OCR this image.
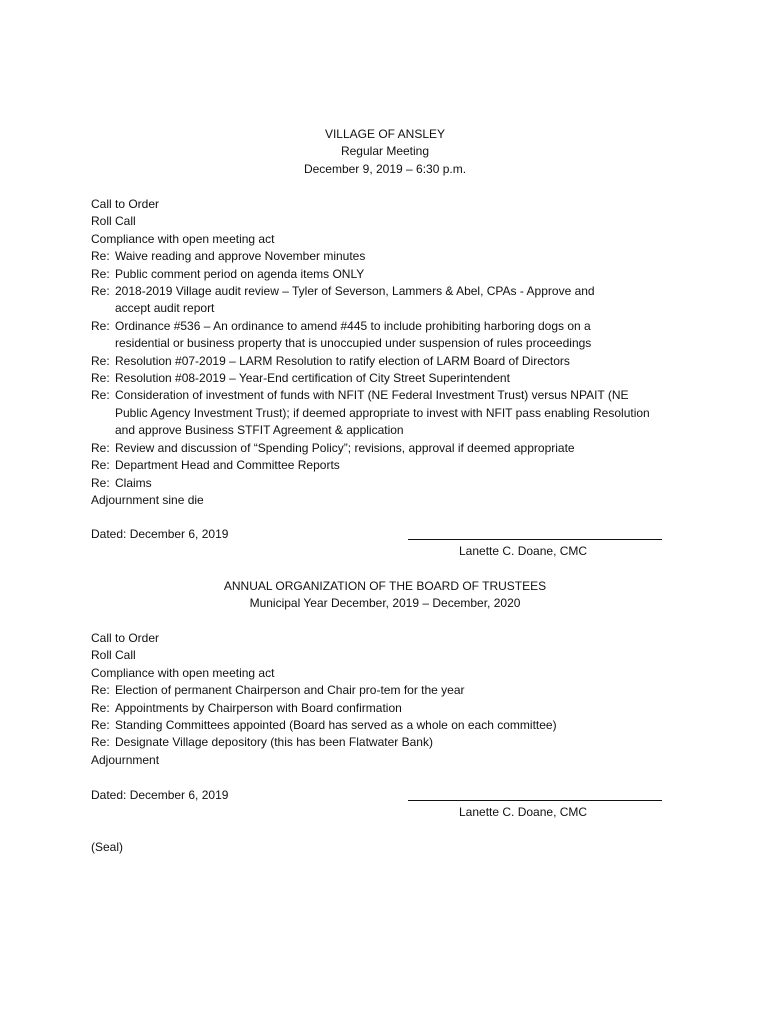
VILLAGE OF ANSLEY
Regular Meeting
December 9, 2019 – 6:30 p.m.
Call to Order
Roll Call
Compliance with open meeting act
Re: Waive reading and approve November minutes
Re: Public comment period on agenda items ONLY
Re: 2018-2019 Village audit review – Tyler of Severson, Lammers & Abel, CPAs - Approve and accept audit report
Re: Ordinance #536 – An ordinance to amend #445 to include prohibiting harboring dogs on a residential or business property that is unoccupied under suspension of rules proceedings
Re: Resolution #07-2019 – LARM Resolution to ratify election of LARM Board of Directors
Re: Resolution #08-2019 – Year-End certification of City Street Superintendent
Re: Consideration of investment of funds with NFIT (NE Federal Investment Trust) versus NPAIT (NE Public Agency Investment Trust); if deemed appropriate to invest with NFIT pass enabling Resolution and approve Business STFIT Agreement & application
Re: Review and discussion of “Spending Policy”; revisions, approval if deemed appropriate
Re: Department Head and Committee Reports
Re: Claims
Adjournment sine die
Dated: December 6, 2019
Lanette C. Doane, CMC
ANNUAL ORGANIZATION OF THE BOARD OF TRUSTEES
Municipal Year December, 2019 – December, 2020
Call to Order
Roll Call
Compliance with open meeting act
Re: Election of permanent Chairperson and Chair pro-tem for the year
Re: Appointments by Chairperson with Board confirmation
Re: Standing Committees appointed (Board has served as a whole on each committee)
Re: Designate Village depository (this has been Flatwater Bank)
Adjournment
Dated: December 6, 2019
Lanette C. Doane, CMC
(Seal)
